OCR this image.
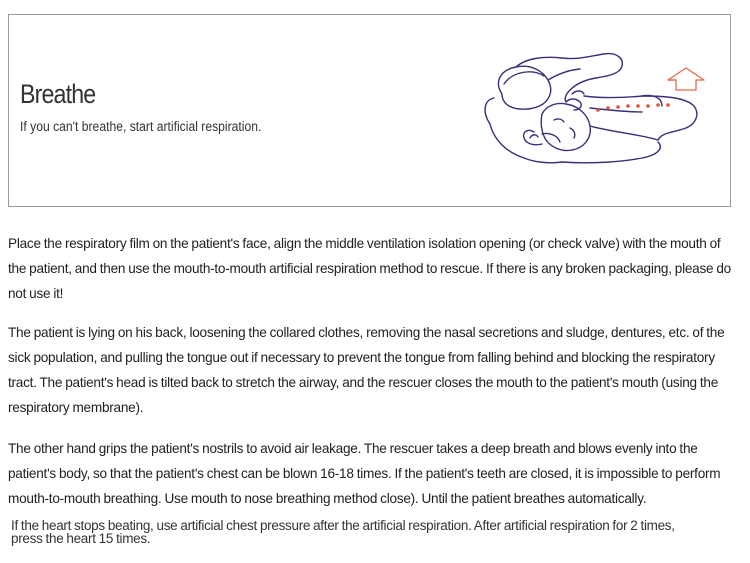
Breathe
If you can't breathe, start artificial respiration.

Place the respiratory film on the patient's face, align the middle ventilation isolation opening (or check valve) with the mouth of the patient, and then use the mouth-to-mouth artificial respiration method to rescue. If there is any broken packaging, please do not use it!

The patient is lying on his back, loosening the collared clothes, removing the nasal secretions and sludge, dentures, etc. of the sick population, and pulling the tongue out if necessary to prevent the tongue from falling behind and blocking the respiratory tract. The patient's head is tilted back to stretch the airway, and the rescuer closes the mouth to the patient's mouth (using the respiratory membrane).

The other hand grips the patient's nostrils to avoid air leakage. The rescuer takes a deep breath and blows evenly into the patient's body, so that the patient's chest can be blown 16-18 times. If the patient's teeth are closed, it is impossible to perform mouth-to-mouth breathing. Use mouth to nose breathing method close). Until the patient breathes automatically.

If the heart stops beating, use artificial chest pressure after the artificial respiration. After artificial respiration for 2 times, press the heart 15 times.
